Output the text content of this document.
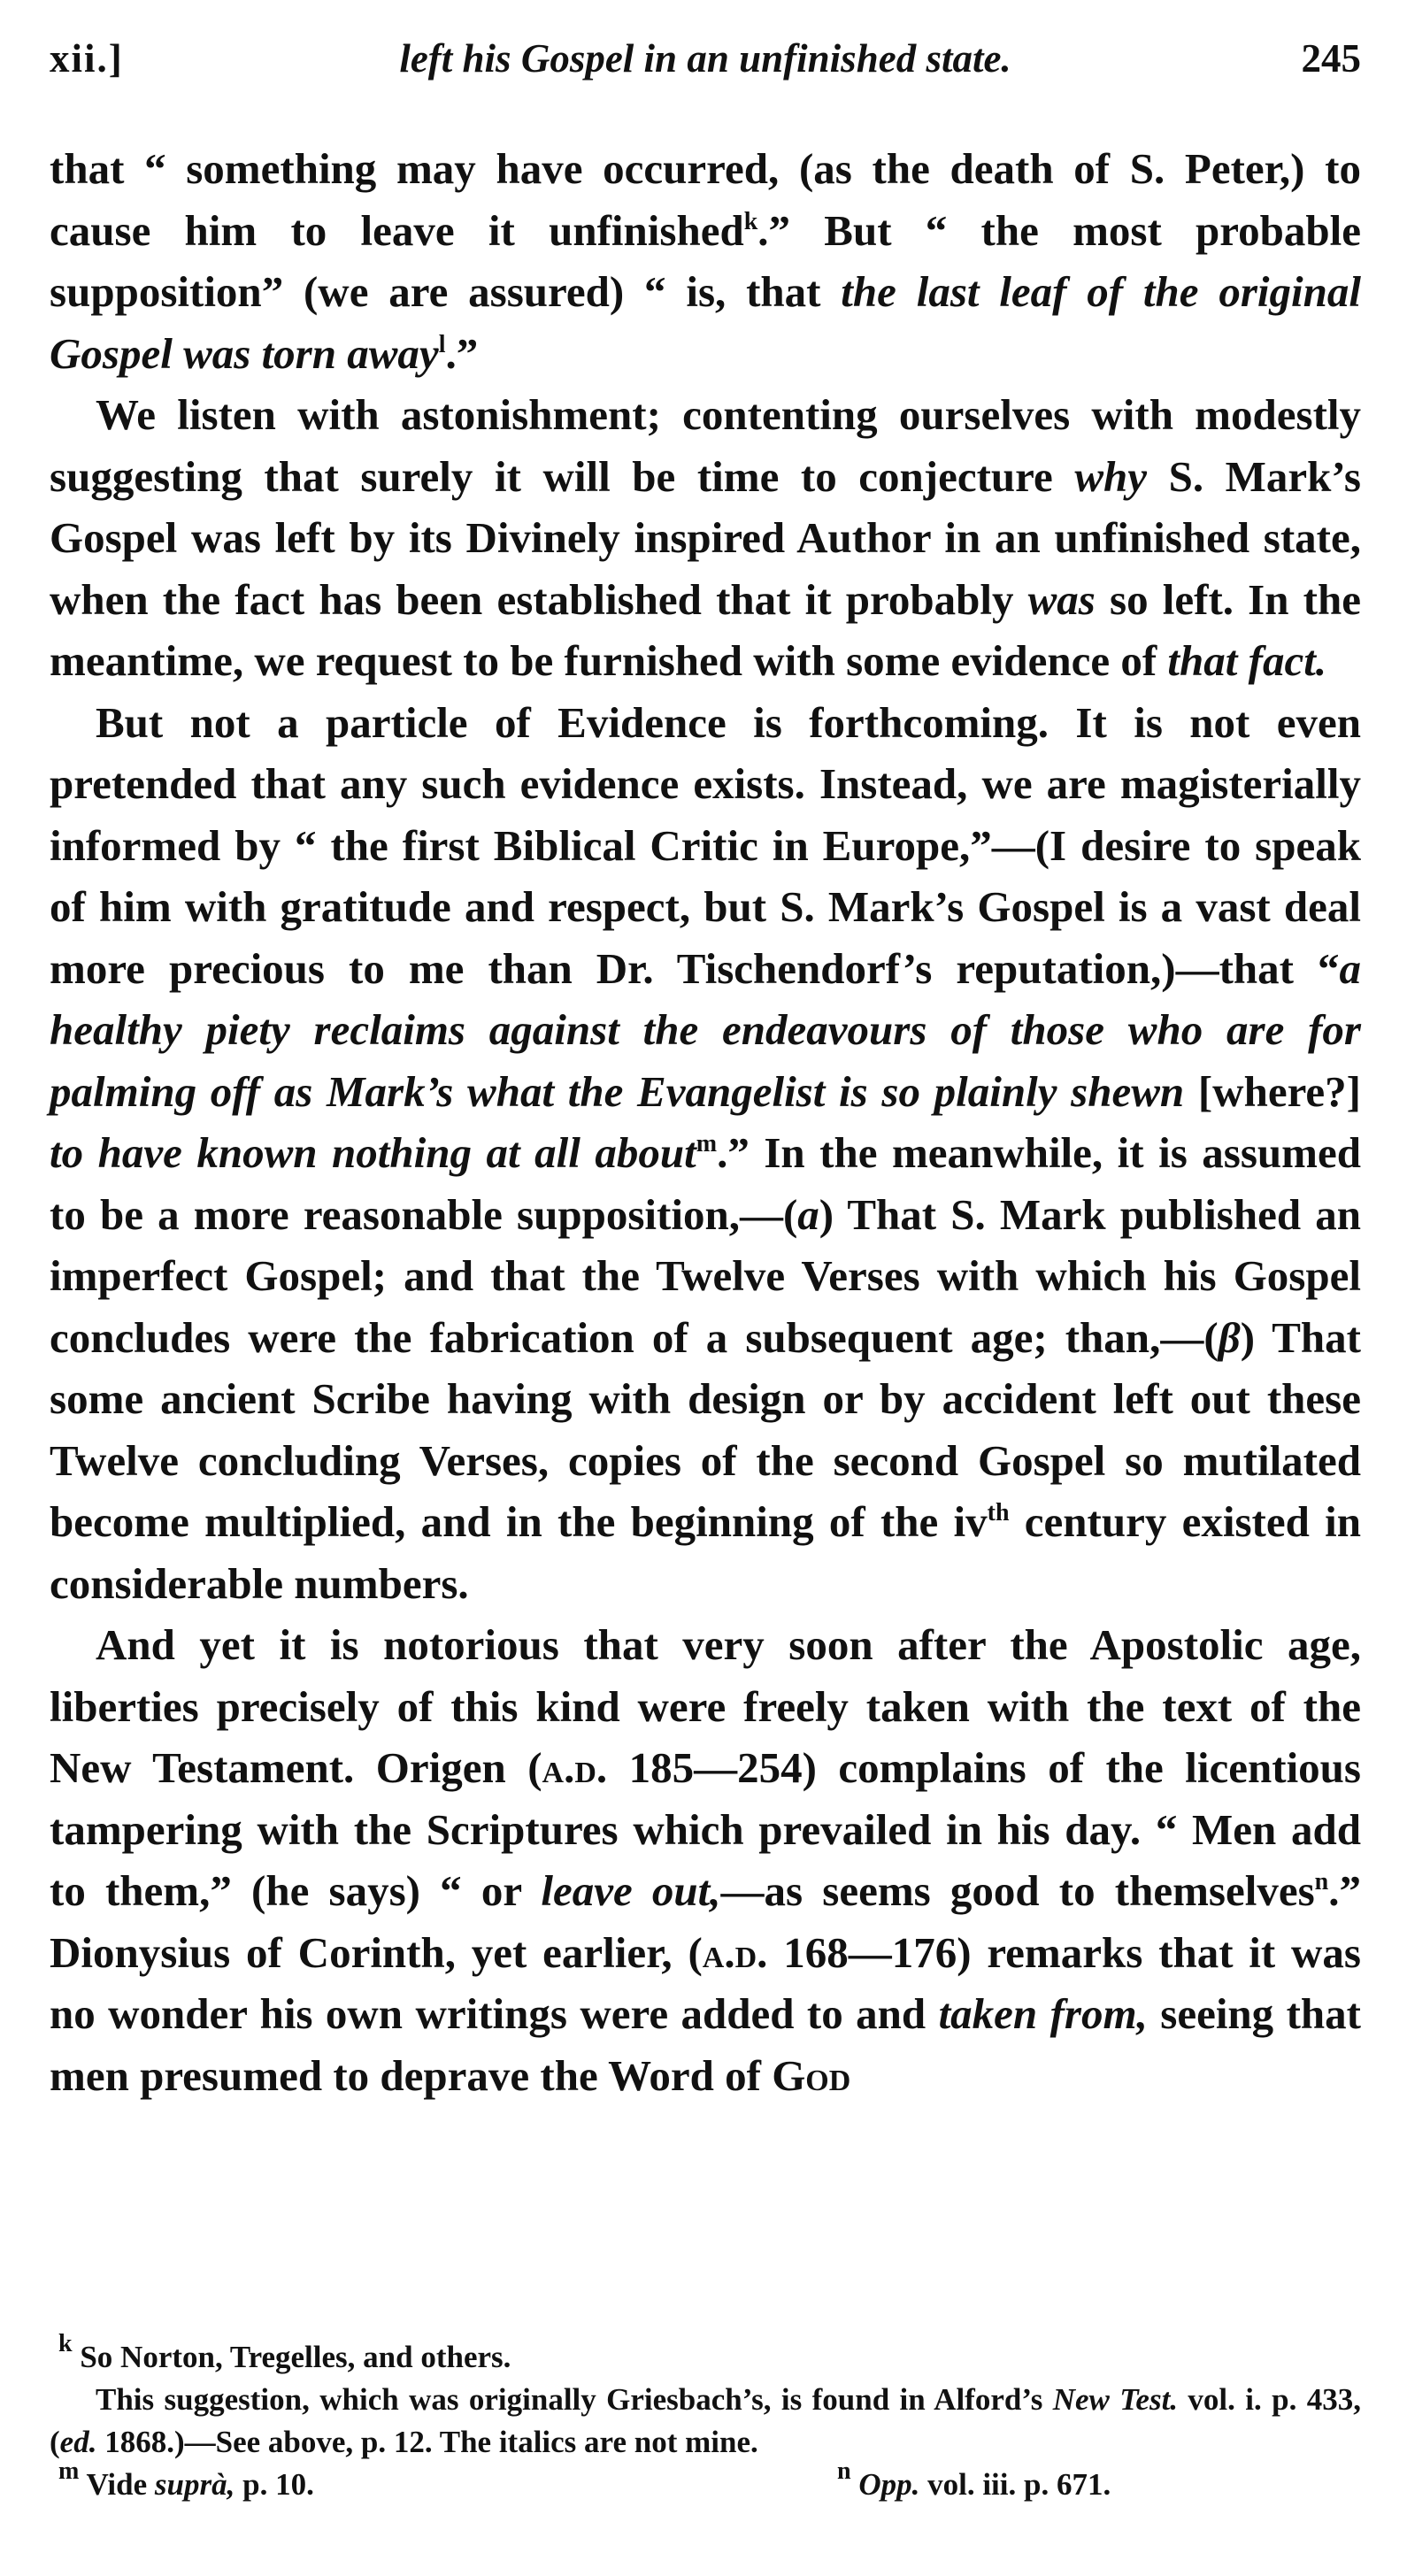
xii.]	left his Gospel in an unfinished state.	245

that “ something may have occurred, (as the death of S. Peter,) to cause him to leave it unfinished$^k$.” But “ the most probable supposition” (we are assured) “ is, that the last leaf of the original Gospel was torn away$^l$.”

We listen with astonishment; contenting ourselves with modestly suggesting that surely it will be time to conjecture why S. Mark’s Gospel was left by its Divinely inspired Author in an unfinished state, when the fact has been established that it probably was so left. In the meantime, we request to be furnished with some evidence of that fact.

But not a particle of Evidence is forthcoming. It is not even pretended that any such evidence exists. Instead, we are magisterially informed by “ the first Biblical Critic in Europe,”—(I desire to speak of him with gratitude and respect, but S. Mark’s Gospel is a vast deal more precious to me than Dr. Tischendorf’s reputation,)—that “a healthy piety reclaims against the endeavours of those who are for palming off as Mark’s what the Evangelist is so plainly shewn [where?] to have known nothing at all about$^m$.” In the meanwhile, it is assumed to be a more reasonable supposition,—(a) That S. Mark published an imperfect Gospel; and that the Twelve Verses with which his Gospel concludes were the fabrication of a subsequent age; than,—(β) That some ancient Scribe having with design or by accident left out these Twelve concluding Verses, copies of the second Gospel so mutilated become multiplied, and in the beginning of the $iv^{th}$ century existed in considerable numbers.

And yet it is notorious that very soon after the Apostolic age, liberties precisely of this kind were freely taken with the text of the New Testament. Origen (a.d. 185—254) complains of the licentious tampering with the Scriptures which prevailed in his day. “ Men add to them,” (he says) “ or leave out,—as seems good to themselves$^n$.” Dionysius of Corinth, yet earlier, (a.d. 168—176) remarks that it was no wonder his own writings were added to and taken from, seeing that men presumed to deprave the Word of God

$^k$ So Norton, Tregelles, and others.

This suggestion, which was originally Griesbach’s, is found in Alford’s New Test. vol. i. p. 433, (ed. 1868.)—See above, p. 12. The italics are not mine.

$^m$ Vide suprà, p. 10.	$^n$ Opp. vol. iii. p. 671.
